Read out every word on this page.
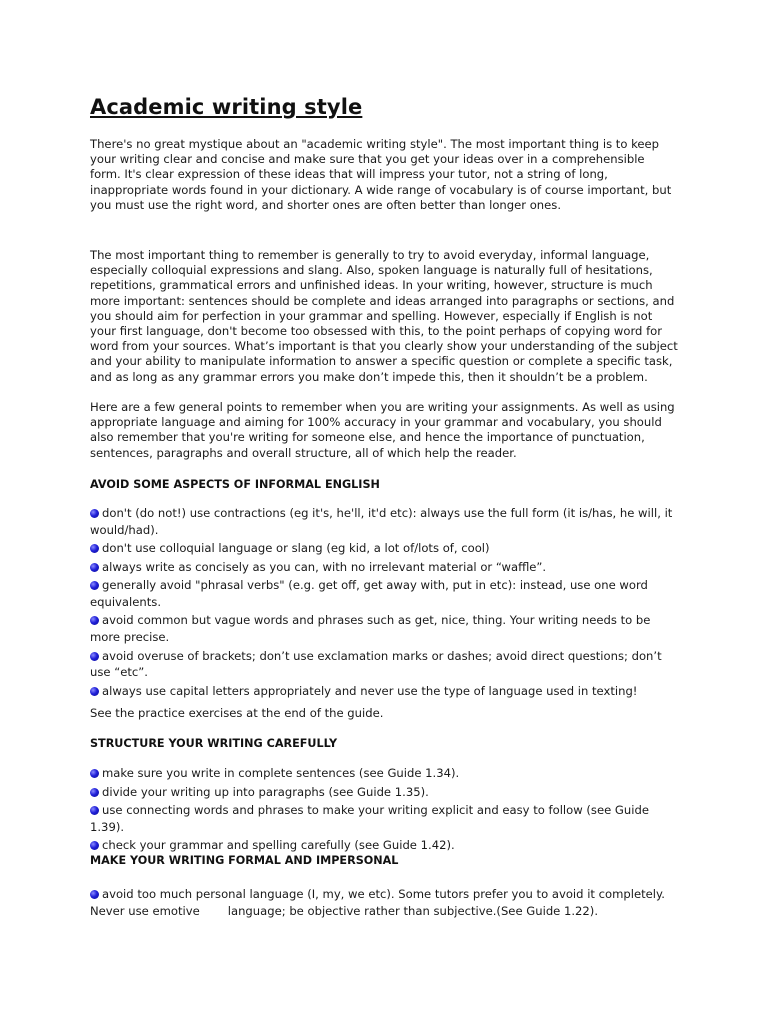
Academic writing style

There's no great mystique about an "academic writing style". The most important thing is to keep your writing clear and concise and make sure that you get your ideas over in a comprehensible form. It's clear expression of these ideas that will impress your tutor, not a string of long, inappropriate words found in your dictionary. A wide range of vocabulary is of course important, but you must use the right word, and shorter ones are often better than longer ones.

The most important thing to remember is generally to try to avoid everyday, informal language, especially colloquial expressions and slang. Also, spoken language is naturally full of hesitations, repetitions, grammatical errors and unfinished ideas. In your writing, however, structure is much more important: sentences should be complete and ideas arranged into paragraphs or sections, and you should aim for perfection in your grammar and spelling. However, especially if English is not your first language, don't become too obsessed with this, to the point perhaps of copying word for word from your sources. What’s important is that you clearly show your understanding of the subject and your ability to manipulate information to answer a specific question or complete a specific task, and as long as any grammar errors you make don’t impede this, then it shouldn’t be a problem.

Here are a few general points to remember when you are writing your assignments. As well as using appropriate language and aiming for 100% accuracy in your grammar and vocabulary, you should also remember that you're writing for someone else, and hence the importance of punctuation, sentences, paragraphs and overall structure, all of which help the reader.

AVOID SOME ASPECTS OF INFORMAL ENGLISH
don't (do not!) use contractions (eg it's, he'll, it'd etc): always use the full form (it is/has, he will, it would/had).
don't use colloquial language or slang (eg kid, a lot of/lots of, cool)
always write as concisely as you can, with no irrelevant material or “waffle”.
generally avoid "phrasal verbs" (e.g. get off, get away with, put in etc): instead, use one word equivalents.
avoid common but vague words and phrases such as get, nice, thing. Your writing needs to be more precise.
avoid overuse of brackets; don’t use exclamation marks or dashes; avoid direct questions; don’t use “etc”.
always use capital letters appropriately and never use the type of language used in texting!

See the practice exercises at the end of the guide.

STRUCTURE YOUR WRITING CAREFULLY
make sure you write in complete sentences (see Guide 1.34).
divide your writing up into paragraphs (see Guide 1.35).
use connecting words and phrases to make your writing explicit and easy to follow (see Guide 1.39).
check your grammar and spelling carefully (see Guide 1.42).
MAKE YOUR WRITING FORMAL AND IMPERSONAL
avoid too much personal language (I, my, we etc). Some tutors prefer you to avoid it completely. Never use emotive language; be objective rather than subjective.(See Guide 1.22).
